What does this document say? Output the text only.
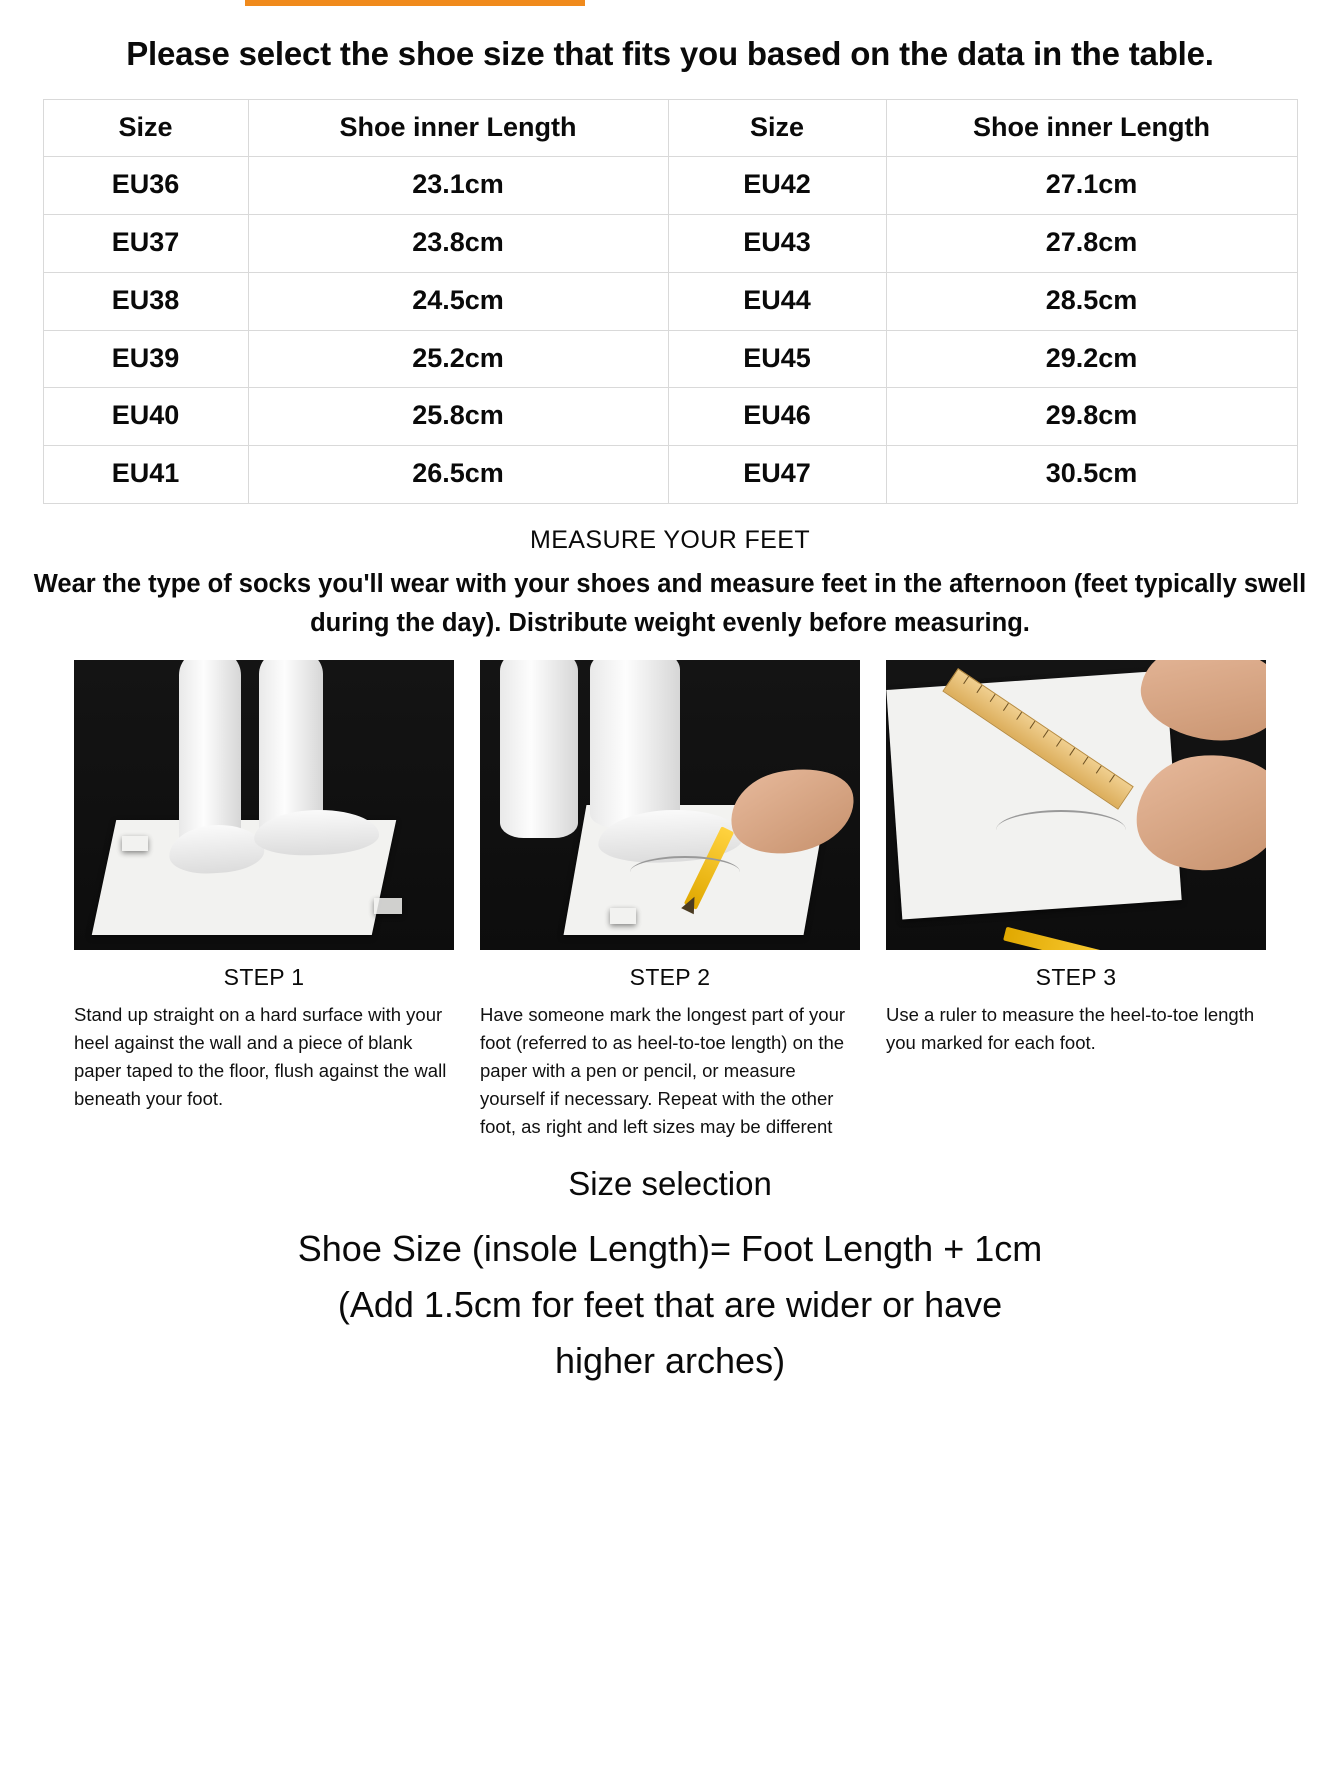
Please select the shoe size that fits you based on the data in the table.
Size	Shoe inner Length	Size	Shoe inner Length
EU36	23.1cm	EU42	27.1cm
EU37	23.8cm	EU43	27.8cm
EU38	24.5cm	EU44	28.5cm
EU39	25.2cm	EU45	29.2cm
EU40	25.8cm	EU46	29.8cm
EU41	26.5cm	EU47	30.5cm
MEASURE YOUR FEET
Wear the type of socks you'll wear with your shoes and measure feet in the afternoon (feet typically swell during the day). Distribute weight evenly before measuring.
STEP 1
Stand up straight on a hard surface with your heel against the wall and a piece of blank paper taped to the floor, flush against the wall beneath your foot.
STEP 2
Have someone mark the longest part of your foot (referred to as heel-to-toe length) on the paper with a pen or pencil, or measure yourself if necessary. Repeat with the other foot, as right and left sizes may be different
STEP 3
Use a ruler to measure the heel-to-toe length you marked for each foot.
Size selection
Shoe Size (insole Length)= Foot Length + 1cm
(Add 1.5cm for feet that are wider or have
higher arches)
